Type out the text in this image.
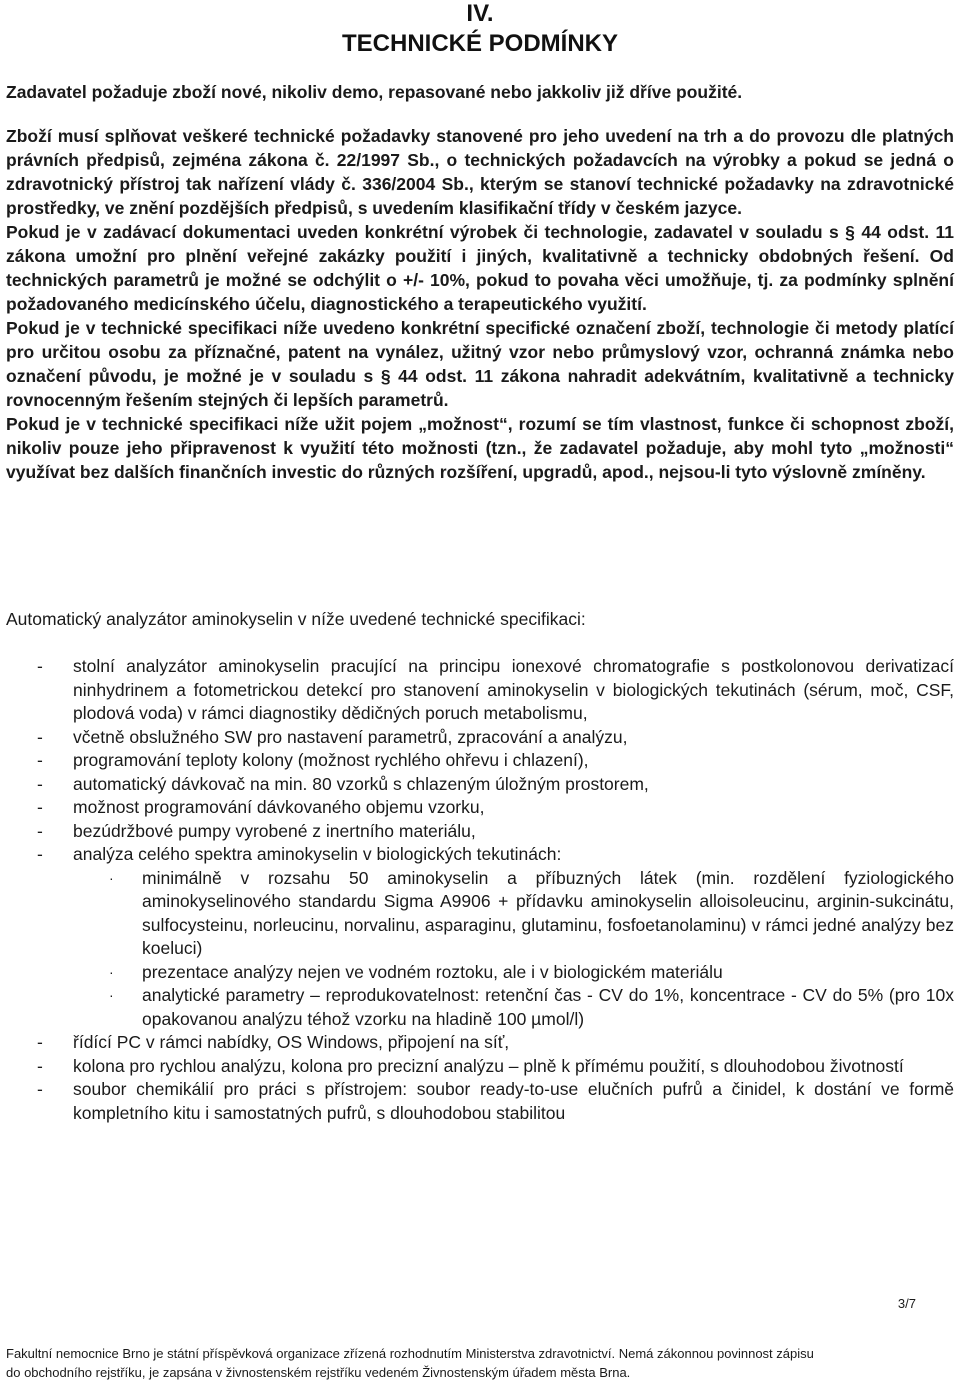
IV.
TECHNICKÉ PODMÍNKY

Zadavatel požaduje zboží nové, nikoliv demo, repasované nebo jakkoliv již dříve použité.

Zboží musí splňovat veškeré technické požadavky stanovené pro jeho uvedení na trh a do provozu dle platných právních předpisů, zejména zákona č. 22/1997 Sb., o technických požadavcích na výrobky a pokud se jedná o zdravotnický přístroj tak nařízení vlády č. 336/2004 Sb., kterým se stanoví technické požadavky na zdravotnické prostředky, ve znění pozdějších předpisů, s uvedením klasifikační třídy v českém jazyce.

Pokud je v zadávací dokumentaci uveden konkrétní výrobek či technologie, zadavatel v souladu s § 44 odst. 11 zákona umožní pro plnění veřejné zakázky použití i jiných, kvalitativně a technicky obdobných řešení. Od technických parametrů je možné se odchýlit o +/- 10%, pokud to povaha věci umožňuje, tj. za podmínky splnění požadovaného medicínského účelu, diagnostického a terapeutického využití.

Pokud je v technické specifikaci níže uvedeno konkrétní specifické označení zboží, technologie či metody platící pro určitou osobu za příznačné, patent na vynález, užitný vzor nebo průmyslový vzor, ochranná známka nebo označení původu, je možné je v souladu s § 44 odst. 11 zákona nahradit adekvátním, kvalitativně a technicky rovnocenným řešením stejných či lepších parametrů.

Pokud je v technické specifikaci níže užit pojem „možnost“, rozumí se tím vlastnost, funkce či schopnost zboží, nikoliv pouze jeho připravenost k využití této možnosti (tzn., že zadavatel požaduje, aby mohl tyto „možnosti“ využívat bez dalších finančních investic do různých rozšíření, upgradů, apod., nejsou-li tyto výslovně zmíněny.

Automatický analyzátor aminokyselin v níže uvedené technické specifikaci:

- stolní analyzátor aminokyselin pracující na principu ionexové chromatografie s postkolonovou derivatizací ninhydrinem a fotometrickou detekcí pro stanovení aminokyselin v biologických tekutinách (sérum, moč, CSF, plodová voda) v rámci diagnostiky dědičných poruch metabolismu,
- včetně obslužného SW pro nastavení parametrů, zpracování a analýzu,
- programování teploty kolony (možnost rychlého ohřevu i chlazení),
- automatický dávkovač na min. 80 vzorků s chlazeným úložným prostorem,
- možnost programování dávkovaného objemu vzorku,
- bezúdržbové pumpy vyrobené z inertního materiálu,
- analýza celého spektra aminokyselin v biologických tekutinách:
· minimálně v rozsahu 50 aminokyselin a příbuzných látek (min. rozdělení fyziologického aminokyselinového standardu Sigma A9906 + přídavku aminokyselin alloisoleucinu, arginin-sukcinátu, sulfocysteinu, norleucinu, norvalinu, asparaginu, glutaminu, fosfoetanolaminu) v rámci jedné analýzy bez koeluci)
· prezentace analýzy nejen ve vodném roztoku, ale i v biologickém materiálu
· analytické parametry – reprodukovatelnost: retenční čas - CV do 1%, koncentrace - CV do 5% (pro 10x opakovanou analýzu téhož vzorku na hladině 100 µmol/l)
- řídící PC v rámci nabídky, OS Windows, připojení na síť,
- kolona pro rychlou analýzu, kolona pro precizní analýzu – plně k přímému použití, s dlouhodobou životností
- soubor chemikálií pro práci s přístrojem: soubor ready-to-use elučních pufrů a činidel, k dostání ve formě kompletního kitu i samostatných pufrů, s dlouhodobou stabilitou
3/7

Fakultní nemocnice Brno je státní příspěvková organizace zřízená rozhodnutím Ministerstva zdravotnictví. Nemá zákonnou povinnost zápisu

do obchodního rejstříku, je zapsána v živnostenském rejstříku vedeném Živnostenským úřadem města Brna.
